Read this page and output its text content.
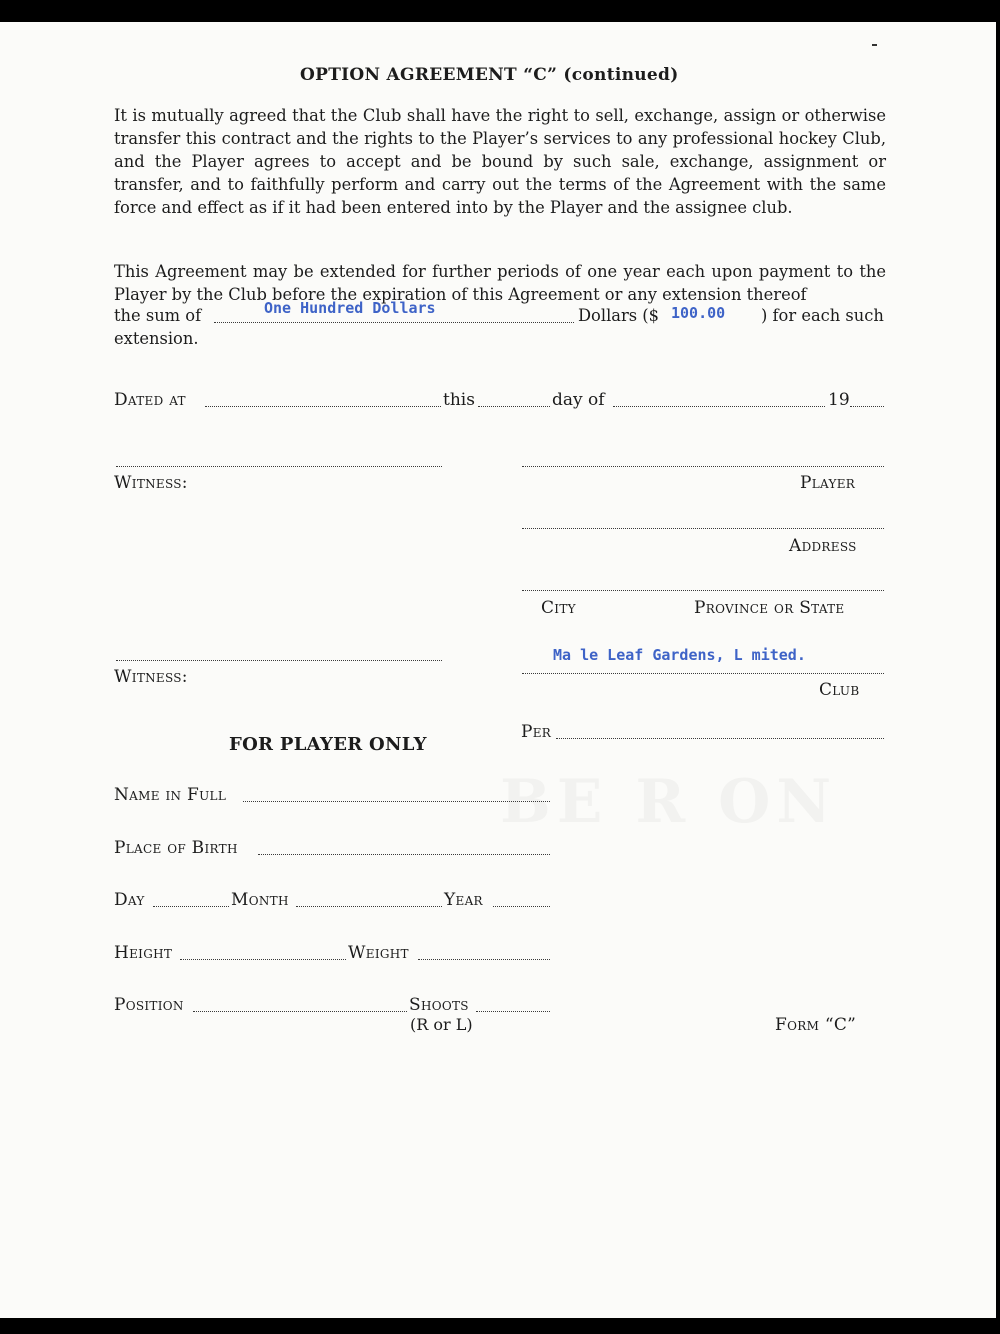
OPTION AGREEMENT “C” (continued)
It is mutually agreed that the Club shall have the right to sell, exchange, assign or otherwise transfer this contract and the rights to the Player’s services to any professional hockey Club, and the Player agrees to accept and be bound by such sale, exchange, assignment or transfer, and to faithfully perform and carry out the terms of the Agreement with the same force and effect as if it had been entered into by the Player and the assignee club.
This Agreement may be extended for further periods of one year each upon payment to the Player by the Club before the expiration of this Agreement or any extension thereof
the sum of	One Hundred Dollars	Dollars ($ 100.00 ) for each such
extension.
Dated at	this	day of	19
Witness:	Player
Address
City	Province or State
Ma le Leaf Gardens, L mited.
Witness:
Club
Per
FOR PLAYER ONLY
Name in Full
Place of Birth
Day	Month	Year
Height	Weight
Position	Shoots
(R or L)	Form “C”
